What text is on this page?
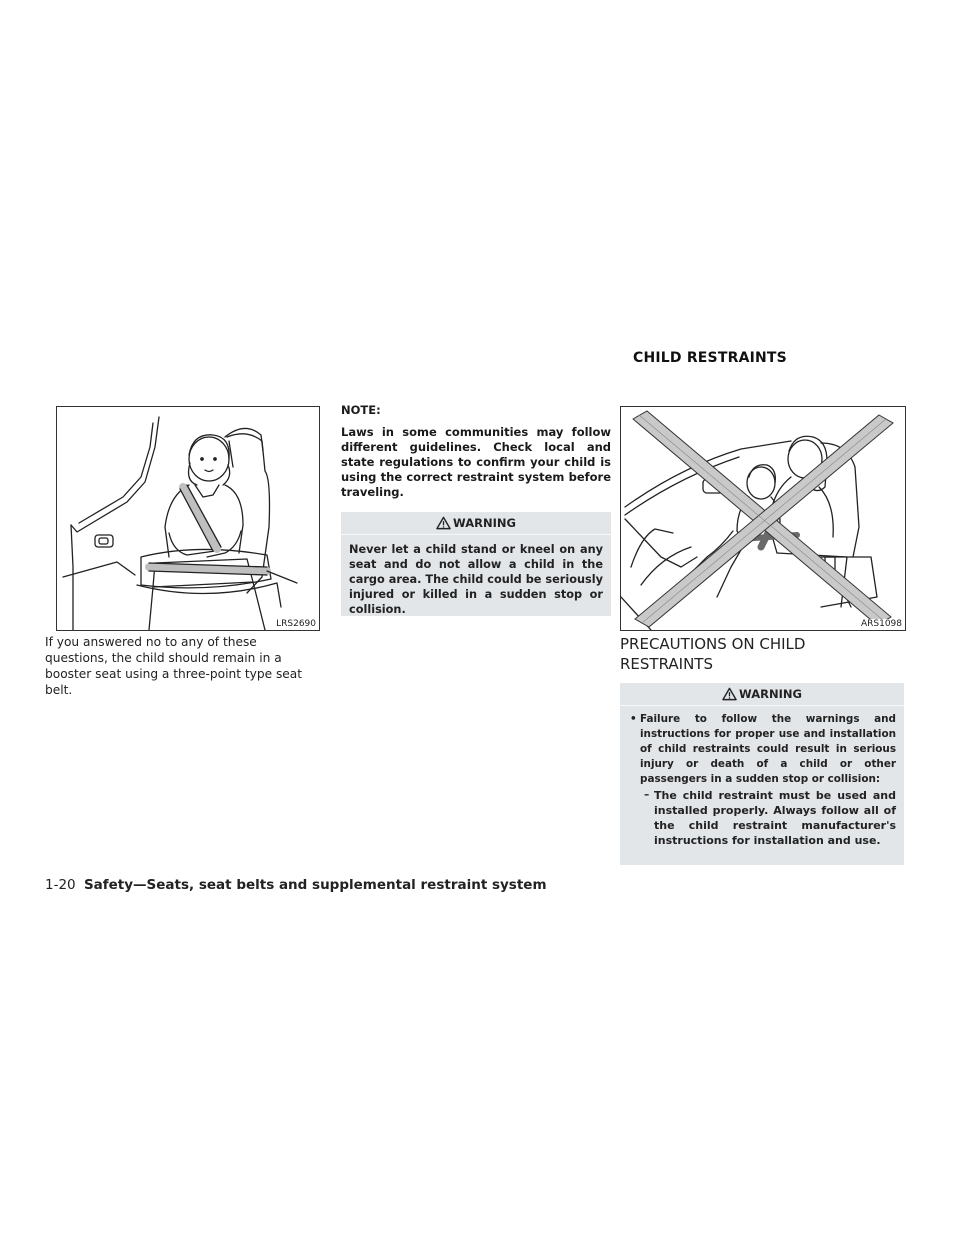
CHILD RESTRAINTS
LRS2690
If you answered no to any of these questions, the child should remain in a booster seat using a three-point type seat belt.
NOTE:
Laws in some communities may follow different guidelines. Check local and state regulations to confirm your child is using the correct restraint system before traveling.
WARNING
Never let a child stand or kneel on any seat and do not allow a child in the cargo area. The child could be seriously injured or killed in a sudden stop or collision.
ARS1098
PRECAUTIONS ON CHILD RESTRAINTS
WARNING
• Failure to follow the warnings and instructions for proper use and installation of child restraints could result in serious injury or death of a child or other passengers in a sudden stop or collision:
– The child restraint must be used and installed properly. Always follow all of the child restraint manufacturer's instructions for installation and use.
1-20 Safety—Seats, seat belts and supplemental restraint system
